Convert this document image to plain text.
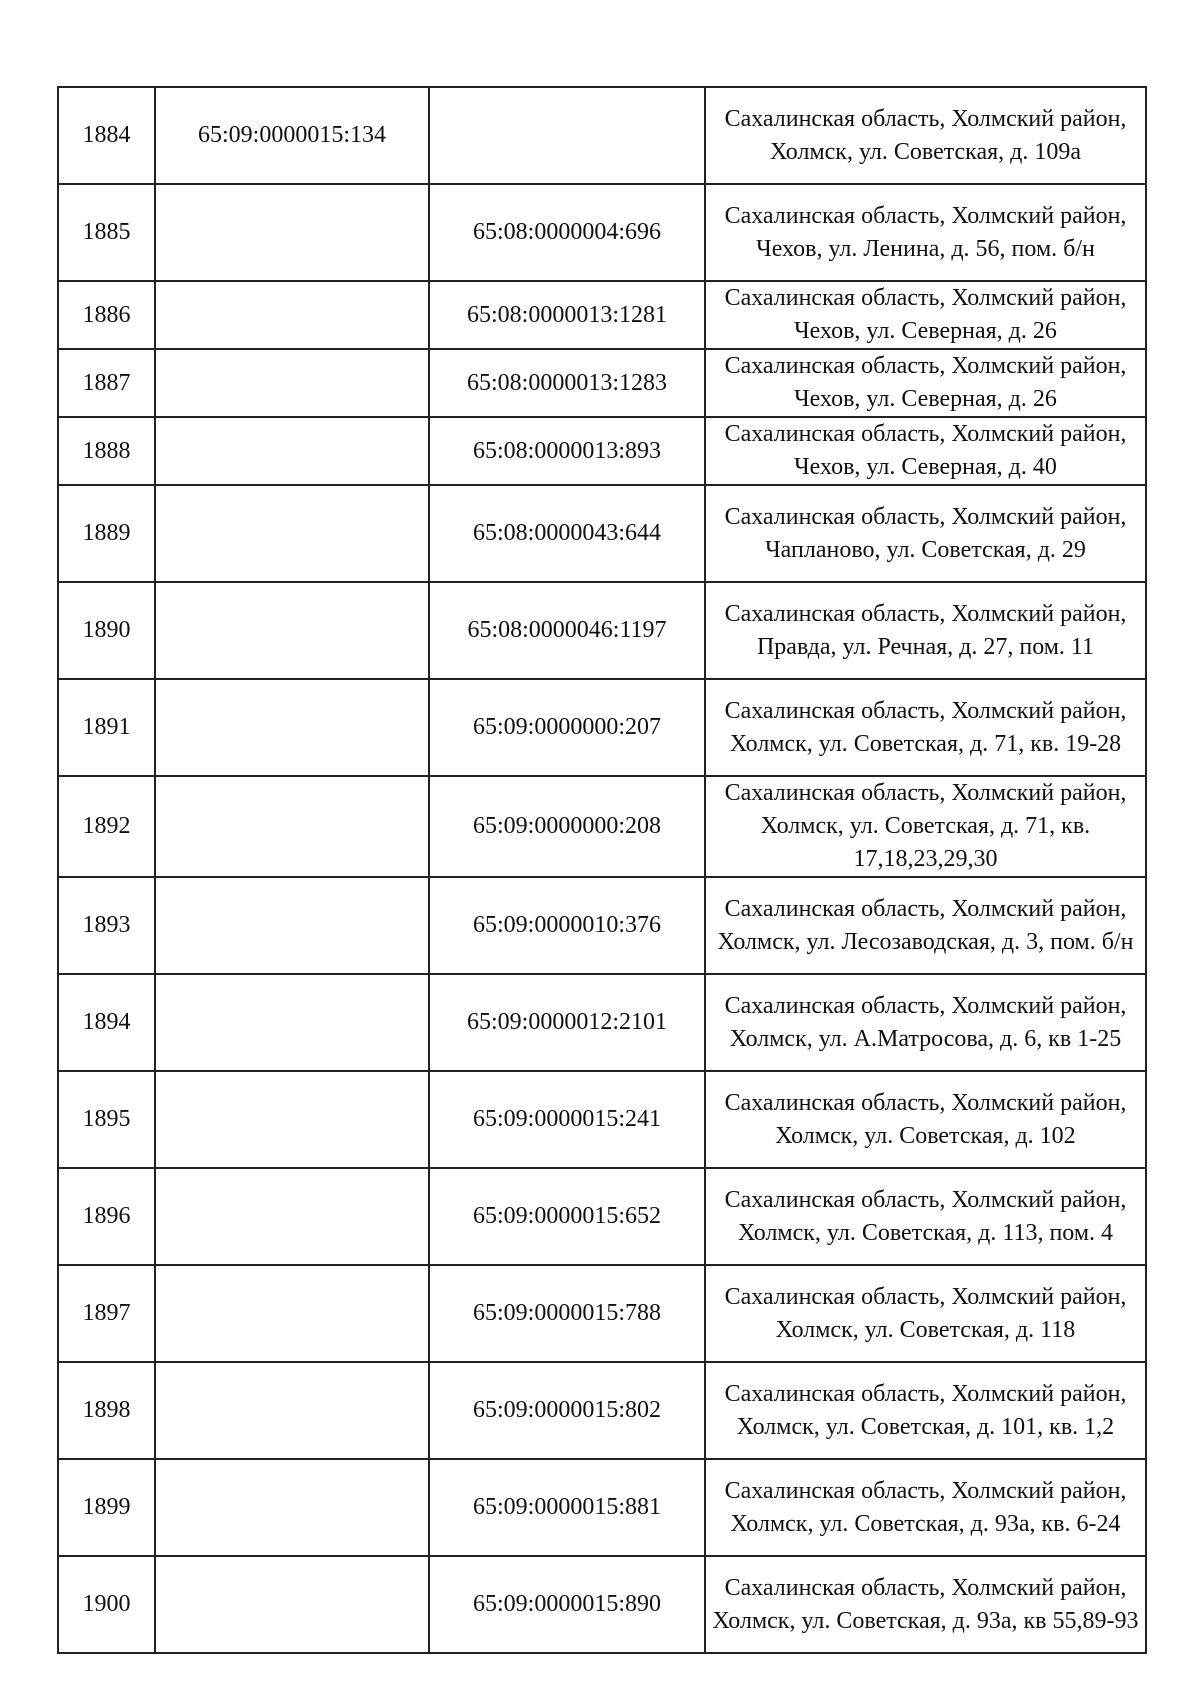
1884	65:09:0000015:134		Сахалинская область, Холмский район, Холмск, ул. Советская, д. 109а
1885		65:08:0000004:696	Сахалинская область, Холмский район, Чехов, ул. Ленина, д. 56, пом. б/н
1886		65:08:0000013:1281	Сахалинская область, Холмский район, Чехов, ул. Северная, д. 26
1887		65:08:0000013:1283	Сахалинская область, Холмский район, Чехов, ул. Северная, д. 26
1888		65:08:0000013:893	Сахалинская область, Холмский район, Чехов, ул. Северная, д. 40
1889		65:08:0000043:644	Сахалинская область, Холмский район, Чапланово, ул. Советская, д. 29
1890		65:08:0000046:1197	Сахалинская область, Холмский район, Правда, ул. Речная, д. 27, пом. 11
1891		65:09:0000000:207	Сахалинская область, Холмский район, Холмск, ул. Советская, д. 71, кв. 19-28
1892		65:09:0000000:208	Сахалинская область, Холмский район, Холмск, ул. Советская, д. 71, кв. 17,18,23,29,30
1893		65:09:0000010:376	Сахалинская область, Холмский район, Холмск, ул. Лесозаводская, д. 3, пом. б/н
1894		65:09:0000012:2101	Сахалинская область, Холмский район, Холмск, ул. А.Матросова, д. 6, кв 1-25
1895		65:09:0000015:241	Сахалинская область, Холмский район, Холмск, ул. Советская, д. 102
1896		65:09:0000015:652	Сахалинская область, Холмский район, Холмск, ул. Советская, д. 113, пом. 4
1897		65:09:0000015:788	Сахалинская область, Холмский район, Холмск, ул. Советская, д. 118
1898		65:09:0000015:802	Сахалинская область, Холмский район, Холмск, ул. Советская, д. 101, кв. 1,2
1899		65:09:0000015:881	Сахалинская область, Холмский район, Холмск, ул. Советская, д. 93а, кв. 6-24
1900		65:09:0000015:890	Сахалинская область, Холмский район, Холмск, ул. Советская, д. 93а, кв 55,89-93
